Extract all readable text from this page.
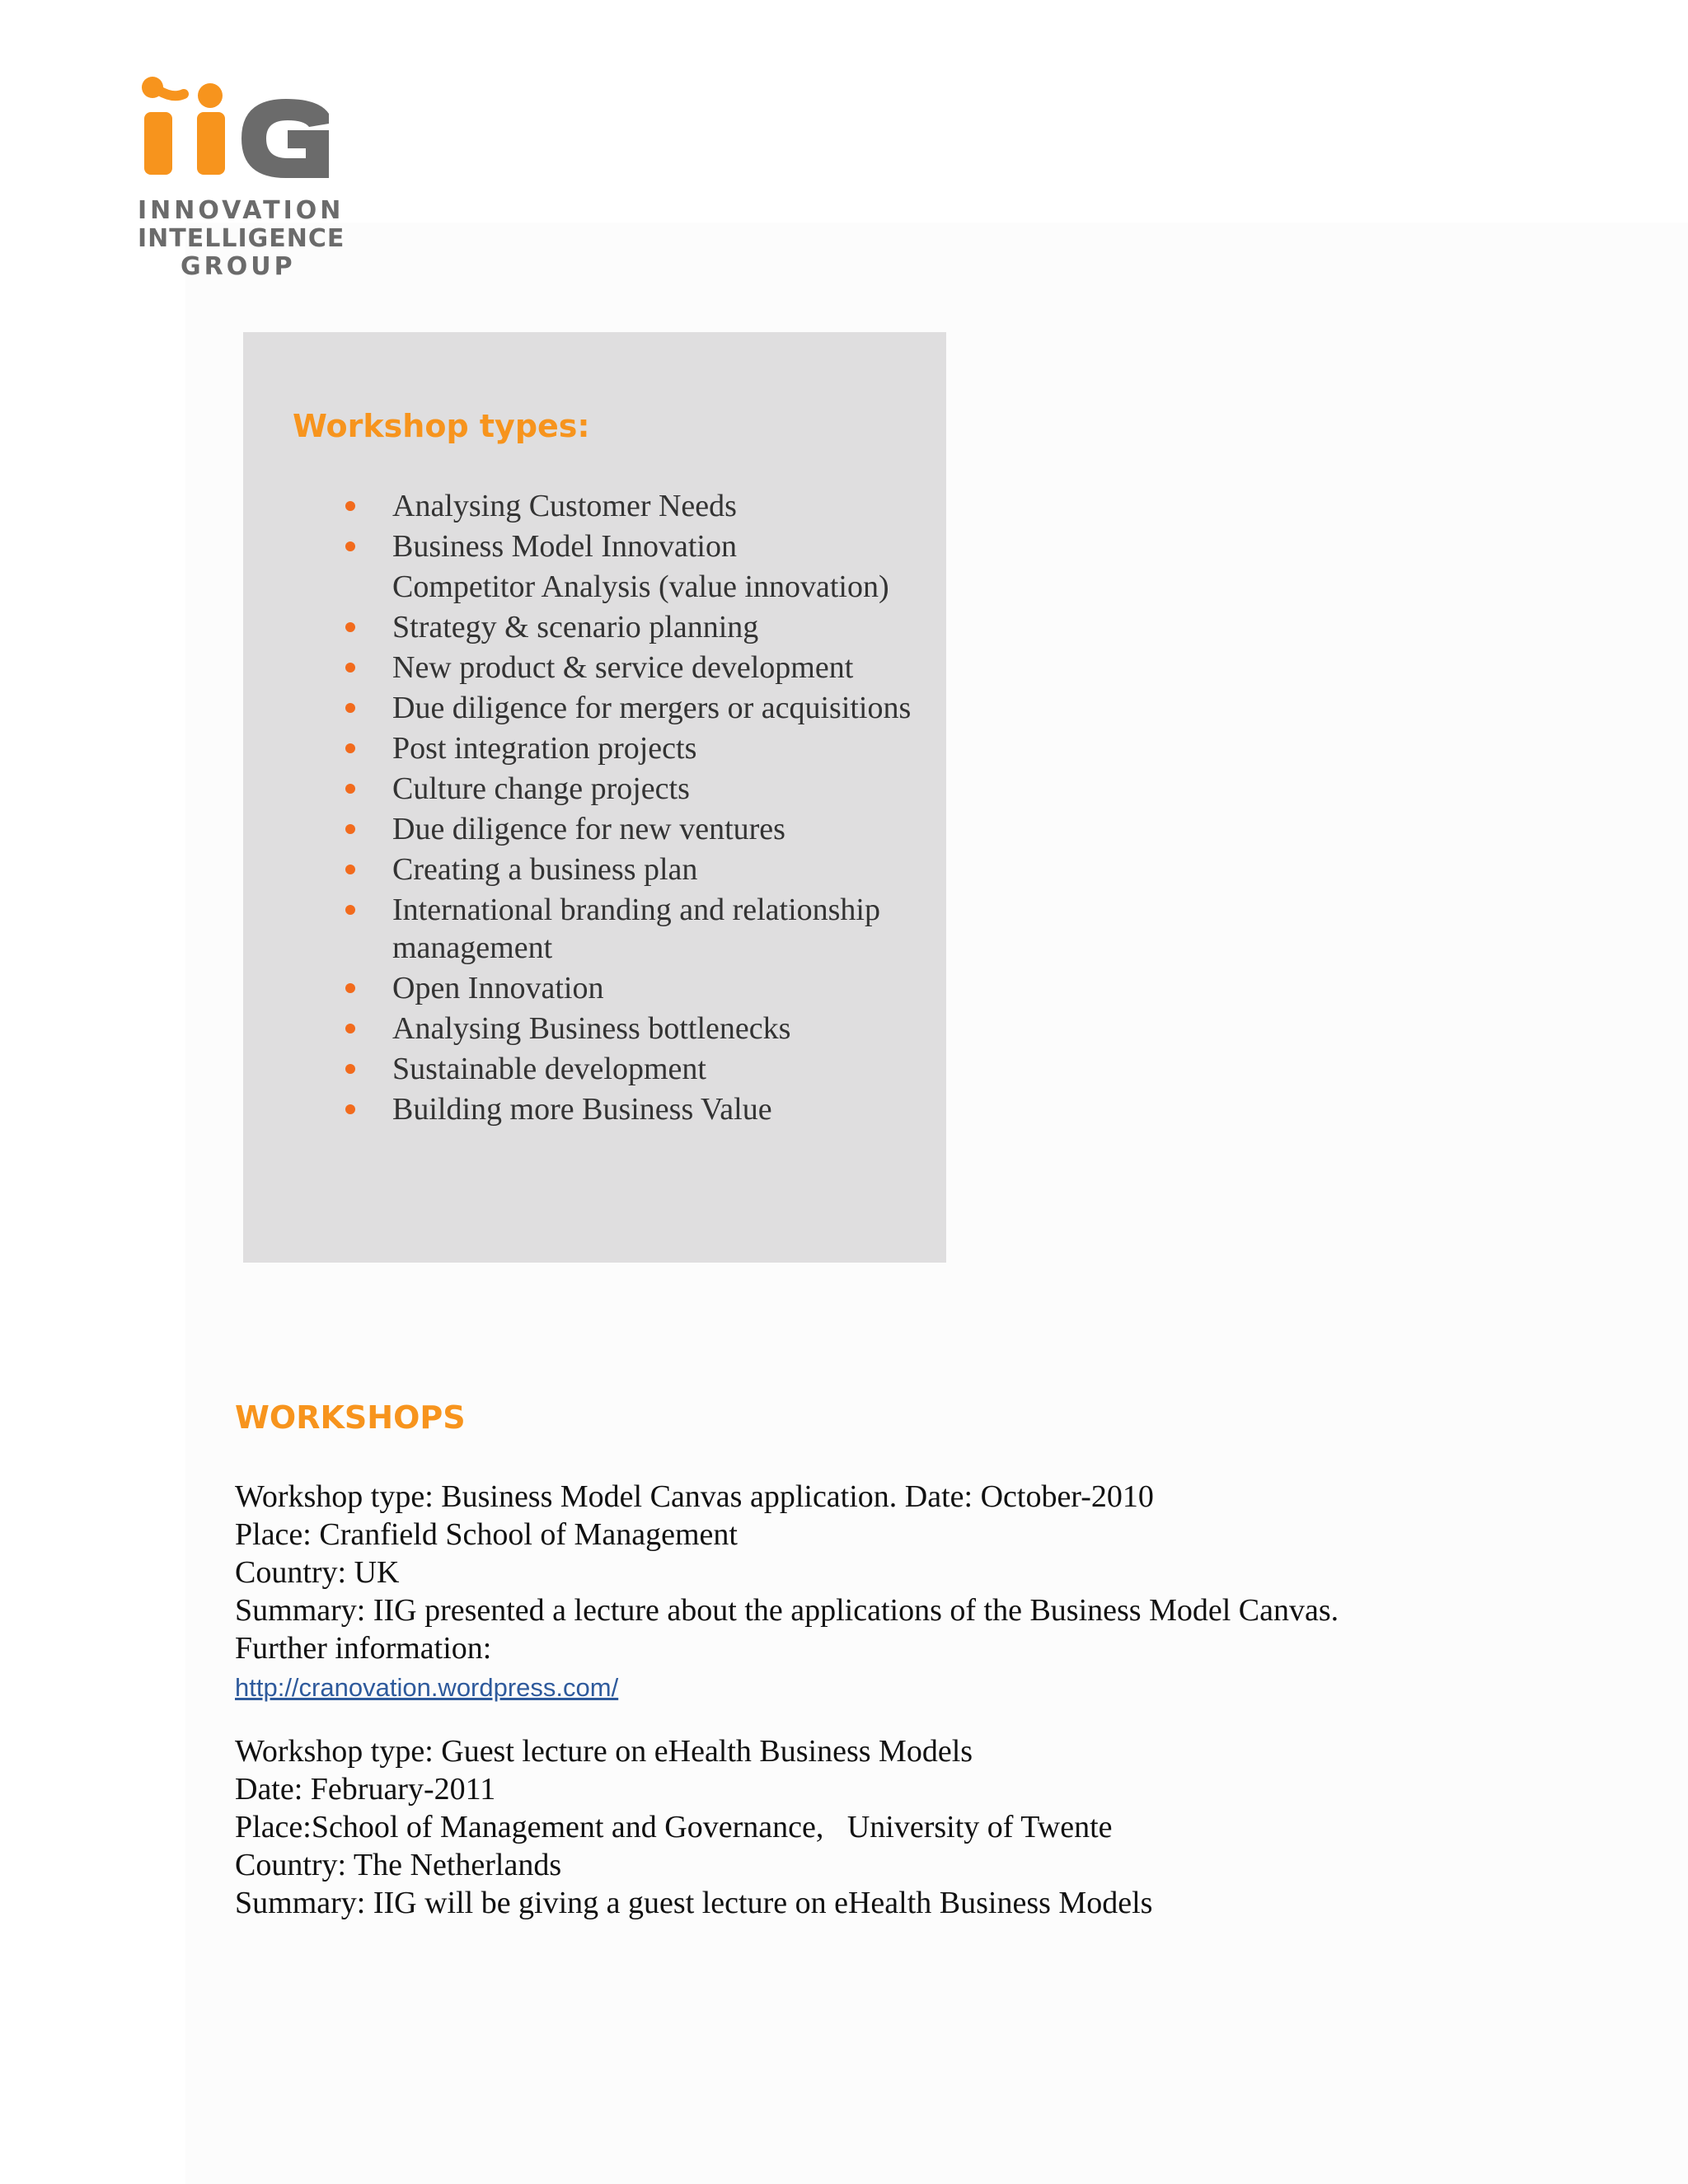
INNOVATION
INTELLIGENCE
GROUP
Workshop types:
Analysing Customer Needs
Business Model Innovation
Competitor Analysis (value innovation)
Strategy & scenario planning
New product & service development
Due diligence for mergers or acquisitions
Post integration projects
Culture change projects
Due diligence for new ventures
Creating a business plan
International branding and relationship management
Open Innovation
Analysing Business bottlenecks
Sustainable development
Building more Business Value
WORKSHOPS

Workshop type: Business Model Canvas application. Date: October-2010

Place: Cranfield School of Management

Country: UK

Summary: IIG presented a lecture about the applications of the Business Model Canvas.

Further information:

http://cranovation.wordpress.com/

Workshop type: Guest lecture on eHealth Business Models

Date: February-2011

Place:School of Management and Governance,   University of Twente

Country: The Netherlands

Summary: IIG will be giving a guest lecture on eHealth Business Models
